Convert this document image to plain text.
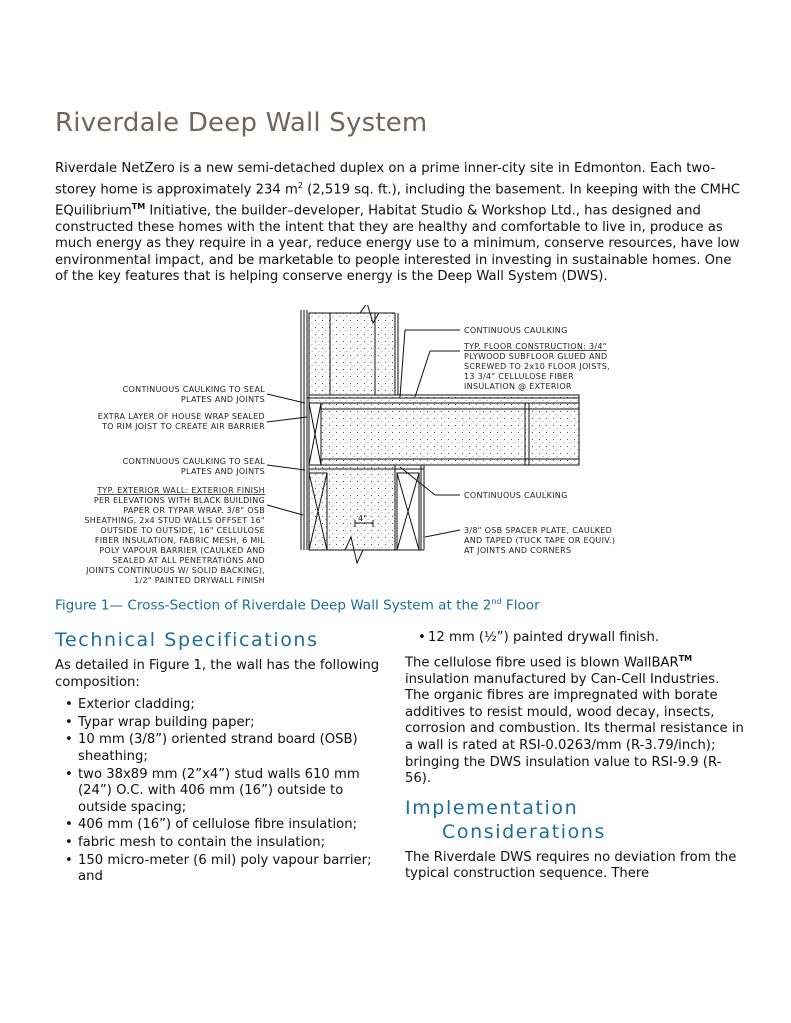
Riverdale Deep Wall System
Riverdale NetZero is a new semi-detached duplex on a prime inner-city site in Edmonton. Each two-storey home is approximately 234 $m^2$ (2,519 sq. ft.), including the basement. In keeping with the CMHC EQuilibrium™ Initiative, the builder–developer, Habitat Studio & Workshop Ltd., has designed and constructed these homes with the intent that they are healthy and comfortable to live in, produce as much energy as they require in a year, reduce energy use to a minimum, conserve resources, have low environmental impact, and be marketable to people interested in investing in sustainable homes. One of the key features that is helping conserve energy is the Deep Wall System (DWS).
4"
CONTINUOUS CAULKING TO SEAL
PLATES AND JOINTS
EXTRA LAYER OF HOUSE WRAP SEALED
TO RIM JOIST TO CREATE AIR BARRIER
CONTINUOUS CAULKING TO SEAL
PLATES AND JOINTS
TYP. EXTERIOR WALL: EXTERIOR FINISH
PER ELEVATIONS WITH BLACK BUILDING
PAPER OR TYPAR WRAP. 3/8" OSB
SHEATHING, 2x4 STUD WALLS OFFSET 16"
OUTSIDE TO OUTSIDE, 16" CELLULOSE
FIBER INSULATION, FABRIC MESH, 6 MIL
POLY VAPOUR BARRIER (CAULKED AND
SEALED AT ALL PENETRATIONS AND
JOINTS CONTINUOUS W/ SOLID BACKING),
1/2" PAINTED DRYWALL FINISH
CONTINUOUS CAULKING
TYP. FLOOR CONSTRUCTION: 3/4"
PLYWOOD SUBFLOOR GLUED AND
SCREWED TO 2x10 FLOOR JOISTS,
13 3/4" CELLULOSE FIBER
INSULATION @ EXTERIOR
CONTINUOUS CAULKING
3/8" OSB SPACER PLATE, CAULKED
AND TAPED (TUCK TAPE OR EQUIV.)
AT JOINTS AND CORNERS
Figure 1— Cross-Section of Riverdale Deep Wall System at the 2nd Floor
Technical Specifications

As detailed in Figure 1, the wall has the following composition:

• Exterior cladding;
• Typar wrap building paper;
• 10 mm (3/8”) oriented strand board (OSB) sheathing;
• two 38x89 mm (2”x4”) stud walls 610 mm (24”) O.C. with 406 mm (16”) outside to outside spacing;
• 406 mm (16”) of cellulose fibre insulation;
• fabric mesh to contain the insulation;
• 150 micro-meter (6 mil) poly vapour barrier; and
• 12 mm (½”) painted drywall finish.

The cellulose fibre used is blown WallBAR™ insulation manufactured by Can-Cell Industries. The organic fibres are impregnated with borate additives to resist mould, wood decay, insects, corrosion and combustion. Its thermal resistance in a wall is rated at RSI-0.0263/mm (R-3.79/inch); bringing the DWS insulation value to RSI-9.9 (R-56).

Implementation
Considerations

The Riverdale DWS requires no deviation from the typical construction sequence. There
